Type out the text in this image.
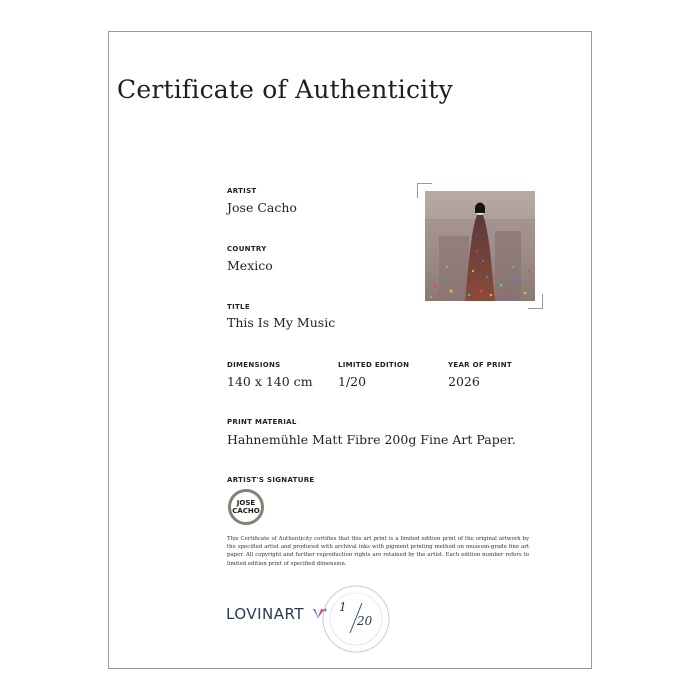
Certificate of Authenticity
ARTIST
Jose Cacho
COUNTRY
Mexico
TITLE
This Is My Music
DIMENSIONS
140 x 140 cm
LIMITED EDITION
1/20
YEAR OF PRINT
2026
PRINT MATERIAL
Hahnemühle Matt Fibre 200g Fine Art Paper.
ARTIST'S SIGNATURE
JOSE
CACHO
This Certificate of Authenticity certifies that this art print is a limited edition print of the original artwork by the specified artist and produced with archival inks with pigment printing method on museum-grade fine art paper. All copyright and further reproduction rights are retained by the artist. Each edition number refers to limited edition print of specified dimension.
LOVINART	1
20
